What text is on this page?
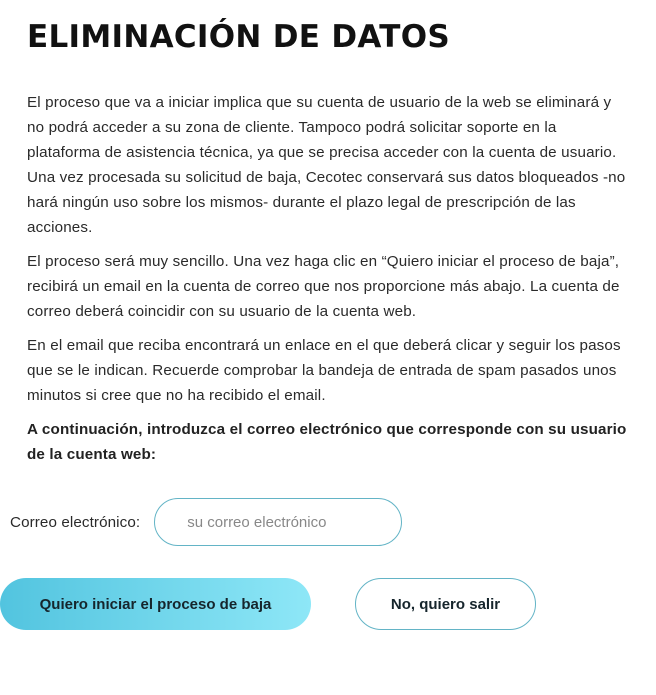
ELIMINACIÓN DE DATOS

El proceso que va a iniciar implica que su cuenta de usuario de la web se eliminará y no podrá acceder a su zona de cliente. Tampoco podrá solicitar soporte en la plataforma de asistencia técnica, ya que se precisa acceder con la cuenta de usuario. Una vez procesada su solicitud de baja, Cecotec conservará sus datos bloqueados -no hará ningún uso sobre los mismos- durante el plazo legal de prescripción de las acciones.

El proceso será muy sencillo. Una vez haga clic en “Quiero iniciar el proceso de baja”, recibirá un email en la cuenta de correo que nos proporcione más abajo. La cuenta de correo deberá coincidir con su usuario de la cuenta web.

En el email que reciba encontrará un enlace en el que deberá clicar y seguir los pasos que se le indican. Recuerde comprobar la bandeja de entrada de spam pasados unos minutos si cree que no ha recibido el email.

A continuación, introduzca el correo electrónico que corresponde con su usuario de la cuenta web:

Correo electrónico:
su correo electrónico
Quiero iniciar el proceso de baja	No, quiero salir
